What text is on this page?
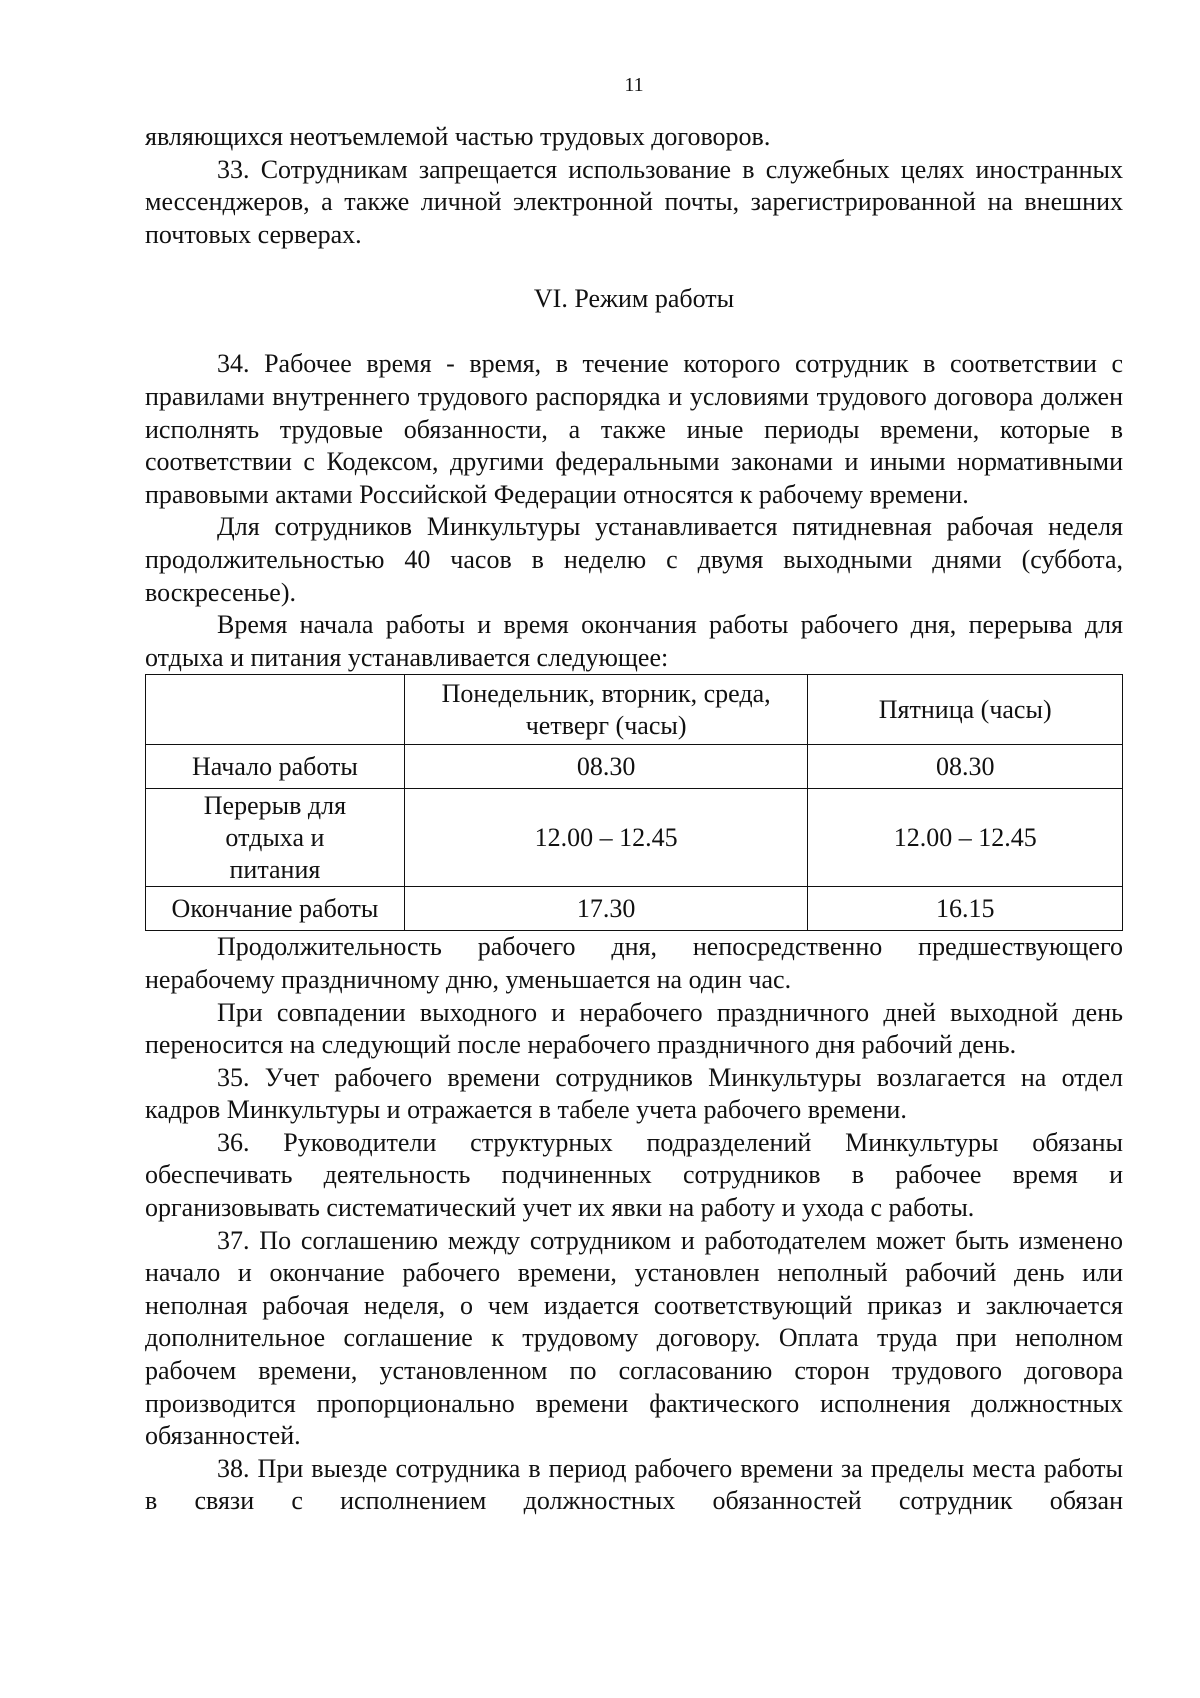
11

являющихся неотъемлемой частью трудовых договоров.

33. Сотрудникам запрещается использование в служебных целях иностранных мессенджеров, а также личной электронной почты, зарегистрированной на внешних почтовых серверах.

VI. Режим работы

34. Рабочее время - время, в течение которого сотрудник в соответствии с правилами внутреннего трудового распорядка и условиями трудового договора должен исполнять трудовые обязанности, а также иные периоды времени, которые в соответствии с Кодексом, другими федеральными законами и иными нормативными правовыми актами Российской Федерации относятся к рабочему времени.

Для сотрудников Минкультуры устанавливается пятидневная рабочая неделя продолжительностью 40 часов в неделю с двумя выходными днями (суббота, воскресенье).

Время начала работы и время окончания работы рабочего дня, перерыва для отдыха и питания устанавливается следующее:

	Понедельник, вторник, среда, четверг (часы)	Пятница (часы)
Начало работы	08.30	08.30
Перерыв для отдыха и питания	12.00 – 12.45	12.00 – 12.45
Окончание работы	17.30	16.15

Продолжительность рабочего дня, непосредственно предшествующего нерабочему праздничному дню, уменьшается на один час.

При совпадении выходного и нерабочего праздничного дней выходной день переносится на следующий после нерабочего праздничного дня рабочий день.

35. Учет рабочего времени сотрудников Минкультуры возлагается на отдел кадров Минкультуры и отражается в табеле учета рабочего времени.

36. Руководители структурных подразделений Минкультуры обязаны обеспечивать деятельность подчиненных сотрудников в рабочее время и организовывать систематический учет их явки на работу и ухода с работы.

37. По соглашению между сотрудником и работодателем может быть изменено начало и окончание рабочего времени, установлен неполный рабочий день или неполная рабочая неделя, о чем издается соответствующий приказ и заключается дополнительное соглашение к трудовому договору. Оплата труда при неполном рабочем времени, установленном по согласованию сторон трудового договора производится пропорционально времени фактического исполнения должностных обязанностей.

38. При выезде сотрудника в период рабочего времени за пределы места работы в связи с исполнением должностных обязанностей сотрудник обязан
